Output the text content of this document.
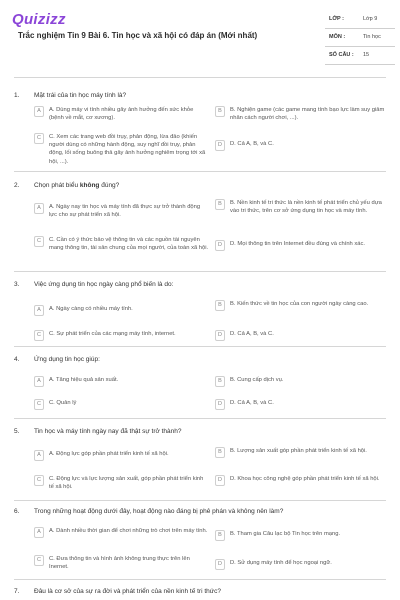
Quizizz
Trắc nghiệm Tin 9 Bài 6. Tin học và xã hội có đáp án (Mới nhất)
LỚP :	Lớp 9
MÔN :	Tin học
SỐ CÂU : 15
1. Mặt trái của tin học máy tính là?
A	A. Dùng máy vi tính nhiều gây ảnh hưởng đến sức khỏe (bệnh về mắt, cơ xương).
B	B. Nghiện game (các game mang tính bạo lực làm suy giảm nhân cách người chơi, ...).
C	C. Xem các trang web đồi trụy, phản động, lừa đảo (khiến người dùng có những hành động, suy nghĩ đồi trụy, phản động, lối sống buông thả gây ảnh hưởng nghiêm trọng tới xã hội, ...).
D	D. Cả A, B, và C.
2. Chọn phát biểu không đúng?
A	A. Ngày nay tin học và máy tính đã thực sự trở thành động lực cho sự phát triển xã hội.
B	B. Nền kinh tế tri thức là nền kinh tế phát triển chủ yếu dựa vào tri thức, trên cơ sở ứng dụng tin học và máy tính.
C	C. Cần có ý thức bảo vệ thông tin và các nguồn tài nguyên mang thông tin, tài sản chung của mọi người, của toàn xã hội.
D	D. Mọi thông tin trên Internet đều đúng và chính xác.
3. Việc ứng dụng tin học ngày càng phổ biến là do:
A	A. Ngày càng có nhiều máy tính.
B	B. Kiến thức về tin học của con người ngày càng cao.
C	C. Sự phát triển của các mạng máy tính, internet.	D	D. Cả A, B, và C.
4. Ứng dụng tin học giúp:
A	A. Tăng hiệu quả sản xuất.	B	B. Cung cấp dịch vụ.
C	C. Quản lý	D	D. Cả A, B, và C.
5. Tin học và máy tính ngày nay đã thật sự trở thành?
A	A. Động lực góp phần phát triển kinh tế xã hội.	B	B. Lượng sản xuất góp phần phát triển kinh tế xã hội.
C	C. Động lực và lực lượng sản xuất, góp phần phát triển kinh tế xã hội.
D	D. Khoa học công nghệ góp phần phát triển kinh tế xã hội.
6. Trong những hoạt động dưới đây, hoạt động nào đáng bị phê phán và không nên làm?
A	A. Dành nhiều thời gian để chơi những trò chơi trên máy tính.
B	B. Tham gia Câu lạc bộ Tin học trên mạng.
C	C. Đưa thông tin và hình ảnh không trung thực trên lên Inernet.
D	D. Sử dụng máy tính để học ngoại ngữ.
7. Đâu là cơ sở của sự ra đời và phát triển của nền kinh tế tri thức?
